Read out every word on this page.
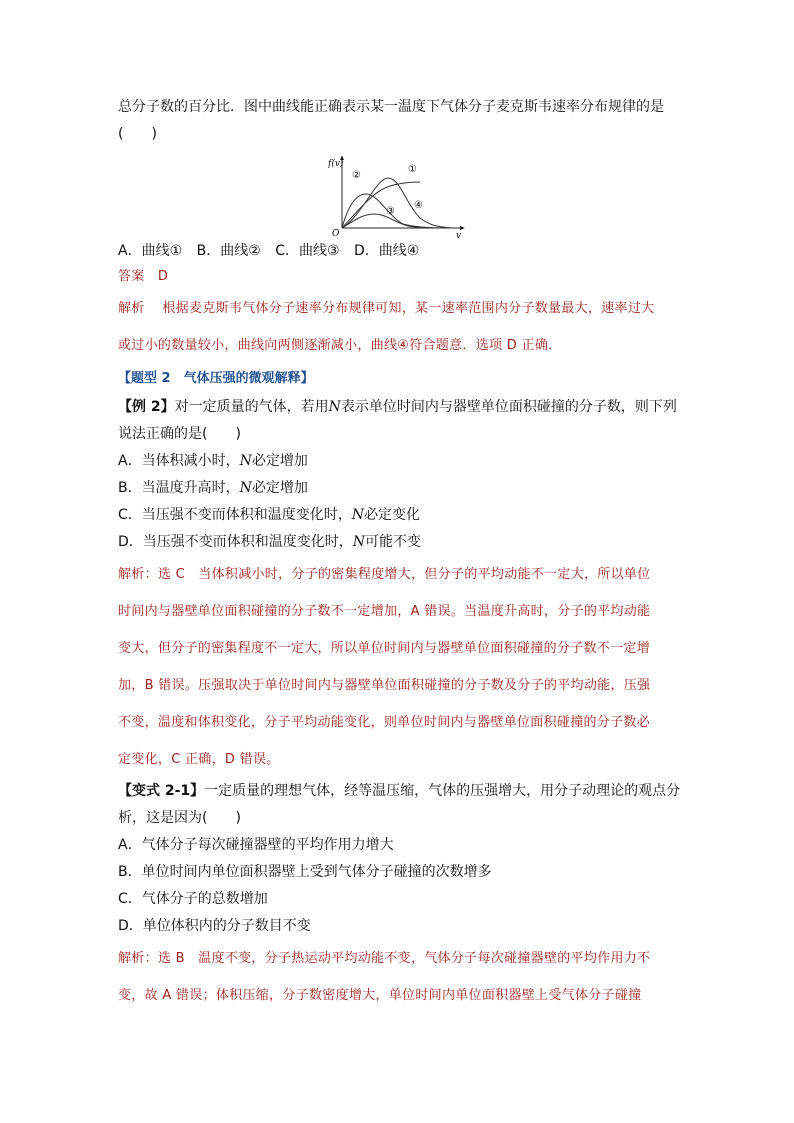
总分子数的百分比．图中曲线能正确表示某一温度下气体分子麦克斯韦速率分布规律的是
(　　)
f(v)
v
O
①
②
③
④
A．曲线① B．曲线② C．曲线③ D．曲线④
答案 D
解析 根据麦克斯韦气体分子速率分布规律可知，某一速率范围内分子数量最大，速率过大
或过小的数量较小，曲线向两侧逐渐减小，曲线④符合题意．选项 D 正确．
【题型 2　气体压强的微观解释】
【例 2】对一定质量的气体，若用N表示单位时间内与器壁单位面积碰撞的分子数，则下列
说法正确的是(　　)
A．当体积减小时，N必定增加
B．当温度升高时，N必定增加
C．当压强不变而体积和温度变化时，N必定变化
D．当压强不变而体积和温度变化时，N可能不变
解析：选 C　当体积减小时，分子的密集程度增大，但分子的平均动能不一定大，所以单位
时间内与器壁单位面积碰撞的分子数不一定增加，A 错误。当温度升高时，分子的平均动能
变大，但分子的密集程度不一定大，所以单位时间内与器壁单位面积碰撞的分子数不一定增
加，B 错误。压强取决于单位时间内与器壁单位面积碰撞的分子数及分子的平均动能，压强
不变，温度和体积变化，分子平均动能变化，则单位时间内与器壁单位面积碰撞的分子数必
定变化，C 正确，D 错误。
【变式 2-1】一定质量的理想气体，经等温压缩，气体的压强增大，用分子动理论的观点分
析，这是因为(　　)
A．气体分子每次碰撞器壁的平均作用力增大
B．单位时间内单位面积器壁上受到气体分子碰撞的次数增多
C．气体分子的总数增加
D．单位体积内的分子数目不变
解析：选 B　温度不变，分子热运动平均动能不变，气体分子每次碰撞器壁的平均作用力不
变，故 A 错误；体积压缩，分子数密度增大，单位时间内单位面积器壁上受气体分子碰撞
